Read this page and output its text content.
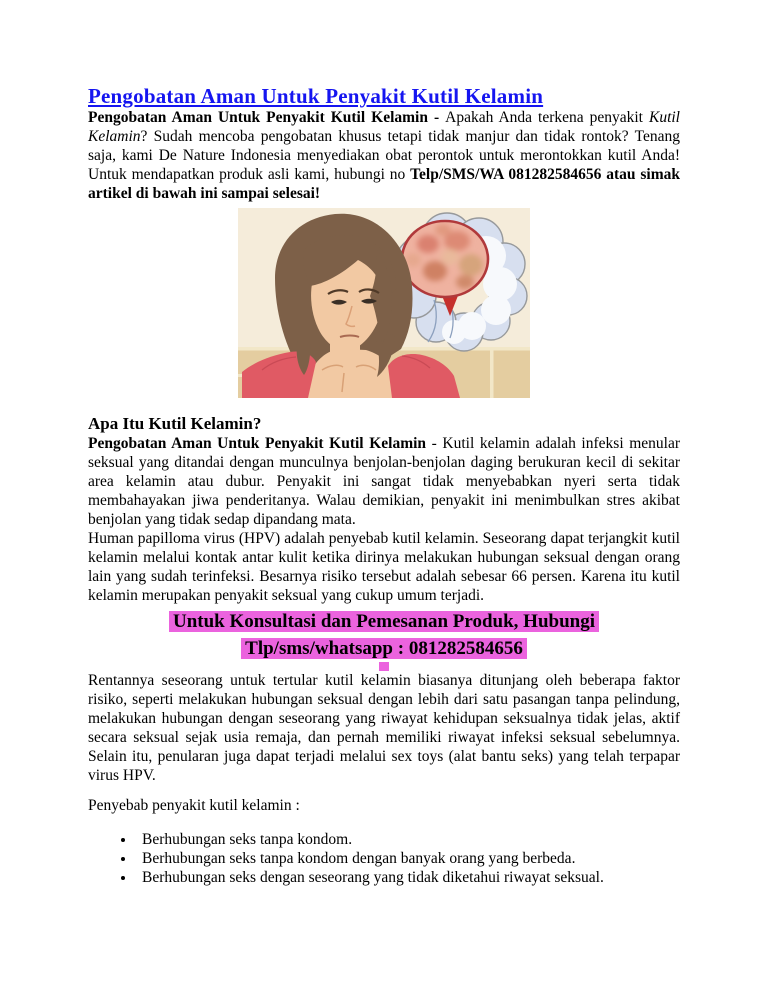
Pengobatan Aman Untuk Penyakit Kutil Kelamin

Pengobatan Aman Untuk Penyakit Kutil Kelamin - Apakah Anda terkena penyakit Kutil Kelamin? Sudah mencoba pengobatan khusus tetapi tidak manjur dan tidak rontok? Tenang saja, kami De Nature Indonesia menyediakan obat perontok untuk merontokkan kutil Anda! Untuk mendapatkan produk asli kami, hubungi no Telp/SMS/WA 081282584656 atau simak artikel di bawah ini sampai selesai!

Apa Itu Kutil Kelamin?

Pengobatan Aman Untuk Penyakit Kutil Kelamin - Kutil kelamin adalah infeksi menular seksual yang ditandai dengan munculnya benjolan-benjolan daging berukuran kecil di sekitar area kelamin atau dubur. Penyakit ini sangat tidak menyebabkan nyeri serta tidak membahayakan jiwa penderitanya. Walau demikian, penyakit ini menimbulkan stres akibat benjolan yang tidak sedap dipandang mata.

Human papilloma virus (HPV) adalah penyebab kutil kelamin. Seseorang dapat terjangkit kutil kelamin melalui kontak antar kulit ketika dirinya melakukan hubungan seksual dengan orang lain yang sudah terinfeksi. Besarnya risiko tersebut adalah sebesar 66 persen. Karena itu kutil kelamin merupakan penyakit seksual yang cukup umum terjadi.

Untuk Konsultasi dan Pemesanan Produk, Hubungi
Tlp/sms/whatsapp : 081282584656

Rentannya seseorang untuk tertular kutil kelamin biasanya ditunjang oleh beberapa faktor risiko, seperti melakukan hubungan seksual dengan lebih dari satu pasangan tanpa pelindung, melakukan hubungan dengan seseorang yang riwayat kehidupan seksualnya tidak jelas, aktif secara seksual sejak usia remaja, dan pernah memiliki riwayat infeksi seksual sebelumnya. Selain itu, penularan juga dapat terjadi melalui sex toys (alat bantu seks) yang telah terpapar virus HPV.

Penyebab penyakit kutil kelamin :

• Berhubungan seks tanpa kondom.
• Berhubungan seks tanpa kondom dengan banyak orang yang berbeda.
• Berhubungan seks dengan seseorang yang tidak diketahui riwayat seksual.
